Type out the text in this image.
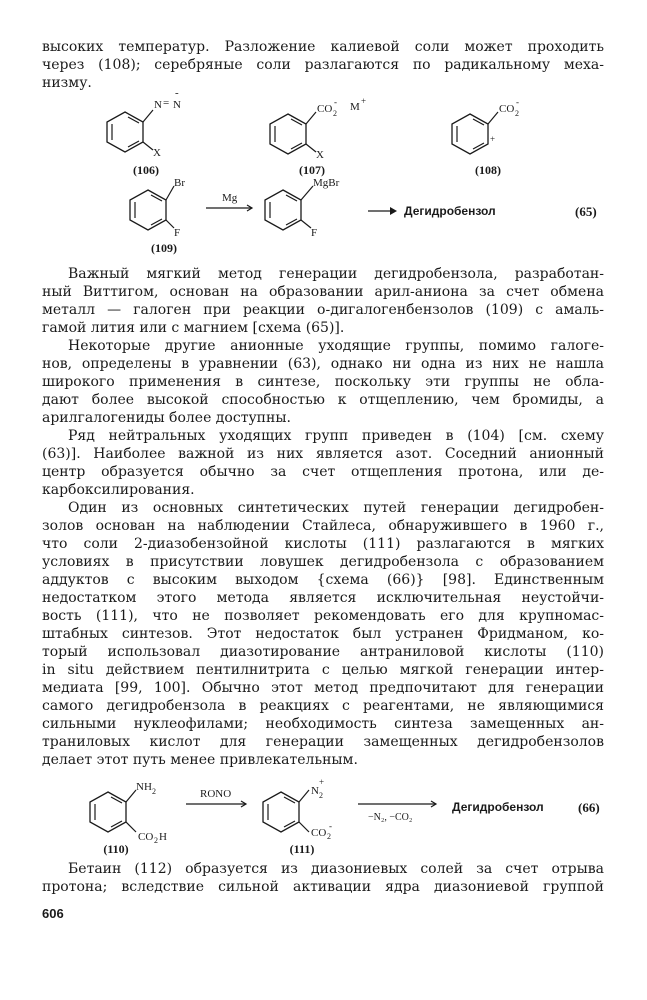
высоких температур. Разложение калиевой соли может проходить
через (108); серебряные соли разлагаются по радикальному меха-
низму.
N = N
-
X
(106)
CO 2
- M +
X
(107)
CO 2
-
+
(108)
Br
F
(109)
Mg
MgBr
F
Дегидробензол	(65)
Важный мягкий метод генерации дегидробензола, разработан-
ный Виттигом, основан на образовании арил-аниона за счет обмена
металл — галоген при реакции о-дигалогенбензолов (109) с амаль-
гамой лития или с магнием [схема (65)].
Некоторые другие анионные уходящие группы, помимо галоге-
нов, определены в уравнении (63), однако ни одна из них не нашла
широкого применения в синтезе, поскольку эти группы не обла-
дают более высокой способностью к отщеплению, чем бромиды, а
арилгалогениды более доступны.
Ряд нейтральных уходящих групп приведен в (104) [см. схему
(63)]. Наиболее важной из них является азот. Соседний анионный
центр образуется обычно за счет отщепления протона, или де-
карбоксилирования.
Один из основных синтетических путей генерации дегидробен-
золов основан на наблюдении Стайлеса, обнаружившего в 1960 г.,
что соли 2-диазобензойной кислоты (111) разлагаются в мягких
условиях в присутствии ловушек дегидробензола с образованием
аддуктов с высоким выходом {схема (66)} [98]. Единственным
недостатком этого метода является исключительная неустойчи-
вость (111), что не позволяет рекомендовать его для крупномас-
штабных синтезов. Этот недостаток был устранен Фридманом, ко-
торый использовал диазотирование антраниловой кислоты (110)
in situ действием пентилнитрита с целью мягкой генерации интер-
медиата [99, 100]. Обычно этот метод предпочитают для генерации
самого дегидробензола в реакциях с реагентами, не являющимися
сильными нуклеофилами; необходимость синтеза замещенных ан-
траниловых кислот для генерации замещенных дегидробензолов
делает этот путь менее привлекательным.
NH 2
CO 2 H
(110)
RONO	N 2
+
CO 2
-
(111)
−N₂, −CO₂
Дегидробензол	(66)
Бетаин (112) образуется из диазониевых солей за счет отрыва
протона; вследствие сильной активации ядра диазониевой группой
606
